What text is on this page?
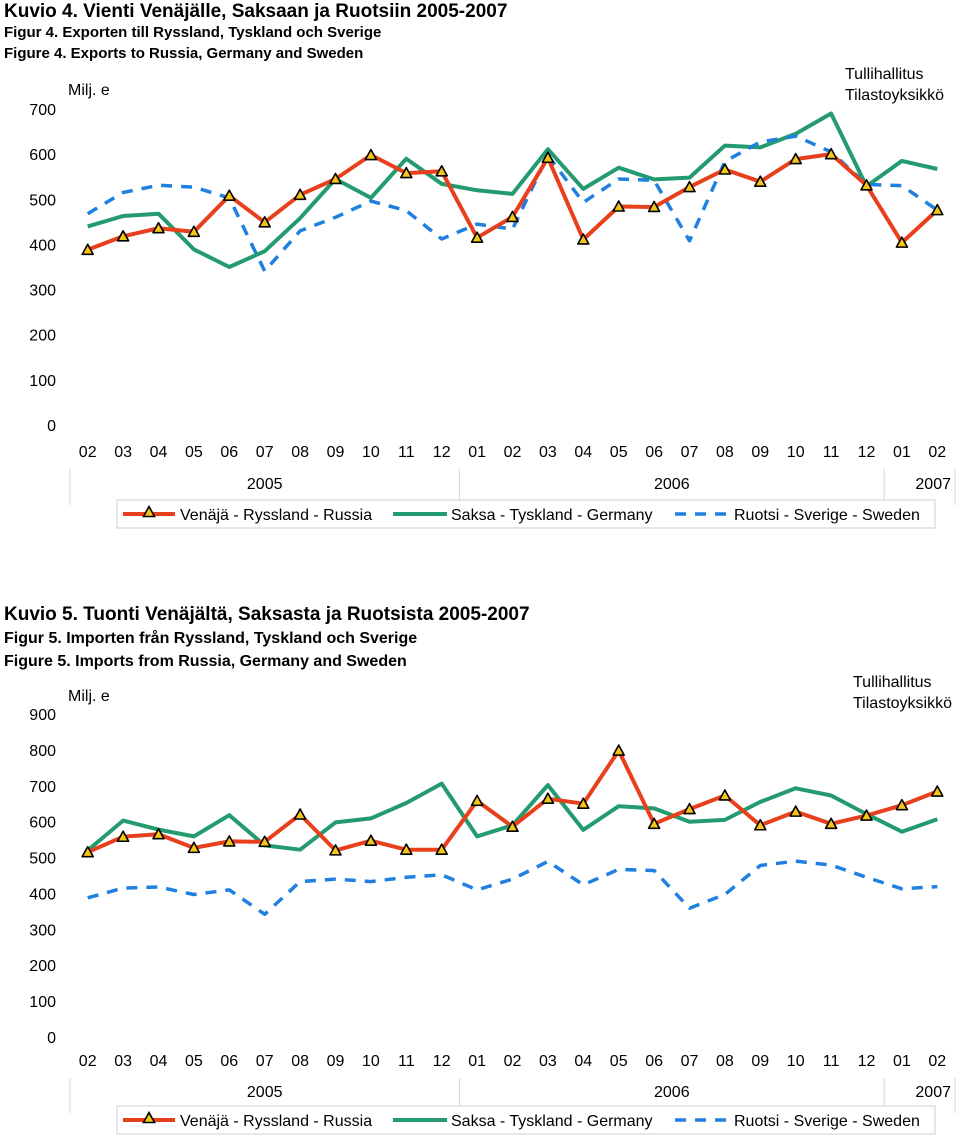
Kuvio 4. Vienti Venäjälle, Saksaan ja Ruotsiin 2005-2007
Figur 4. Exporten till Ryssland, Tyskland och Sverige
Figure 4. Exports to Russia, Germany and Sweden
Tullihallitus
Tilastoyksikkö
0
100
200
300
400
500
600
700
Milj. e
02 03 04 05 06 07 08 09 10 11 12 01 02 03 04 05 06 07 08 09 10 11 12 01 02
2005	2006	2007
Venäjä - Ryssland - Russia	Saksa - Tyskland - Germany	Ruotsi - Sverige - Sweden
Kuvio 5. Tuonti Venäjältä, Saksasta ja Ruotsista 2005-2007
Figur 5. Importen från Ryssland, Tyskland och Sverige
Figure 5. Imports from Russia, Germany and Sweden
Tullihallitus
Tilastoyksikkö
0
100
200
300
400
500
600
700
800
900
Milj. e
02 03 04 05 06 07 08 09 10 11 12 01 02 03 04 05 06 07 08 09 10 11 12 01 02
2005	2006	2007
Venäjä - Ryssland - Russia	Saksa - Tyskland - Germany	Ruotsi - Sverige - Sweden
